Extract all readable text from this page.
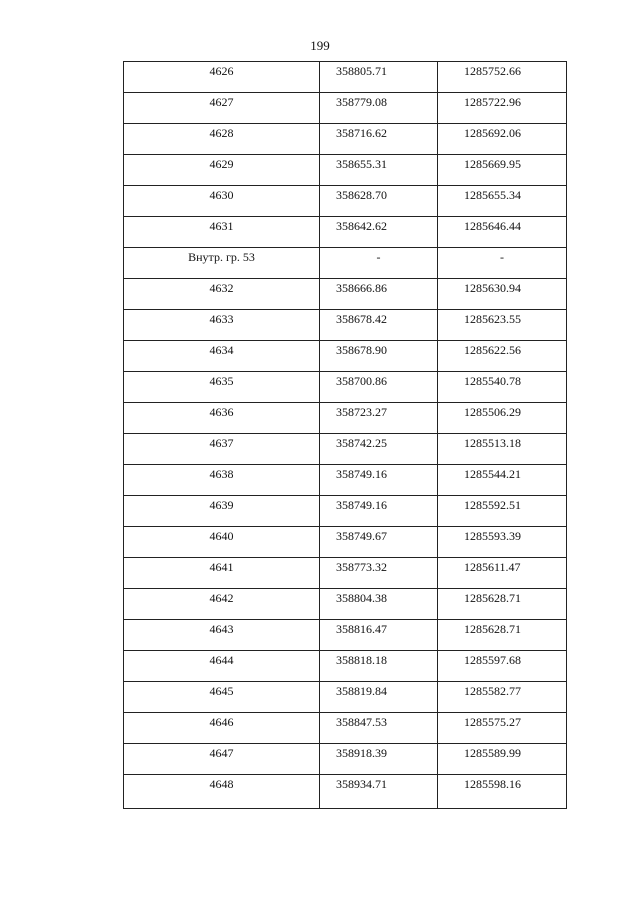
199
4626	358805.71	1285752.66

4627	358779.08	1285722.96

4628	358716.62	1285692.06

4629	358655.31	1285669.95

4630	358628.70	1285655.34

4631	358642.62	1285646.44

Внутр. гр. 53	-	-

4632	358666.86	1285630.94

4633	358678.42	1285623.55

4634	358678.90	1285622.56

4635	358700.86	1285540.78

4636	358723.27	1285506.29

4637	358742.25	1285513.18

4638	358749.16	1285544.21

4639	358749.16	1285592.51

4640	358749.67	1285593.39

4641	358773.32	1285611.47

4642	358804.38	1285628.71

4643	358816.47	1285628.71

4644	358818.18	1285597.68

4645	358819.84	1285582.77

4646	358847.53	1285575.27

4647	358918.39	1285589.99

4648	358934.71	1285598.16
